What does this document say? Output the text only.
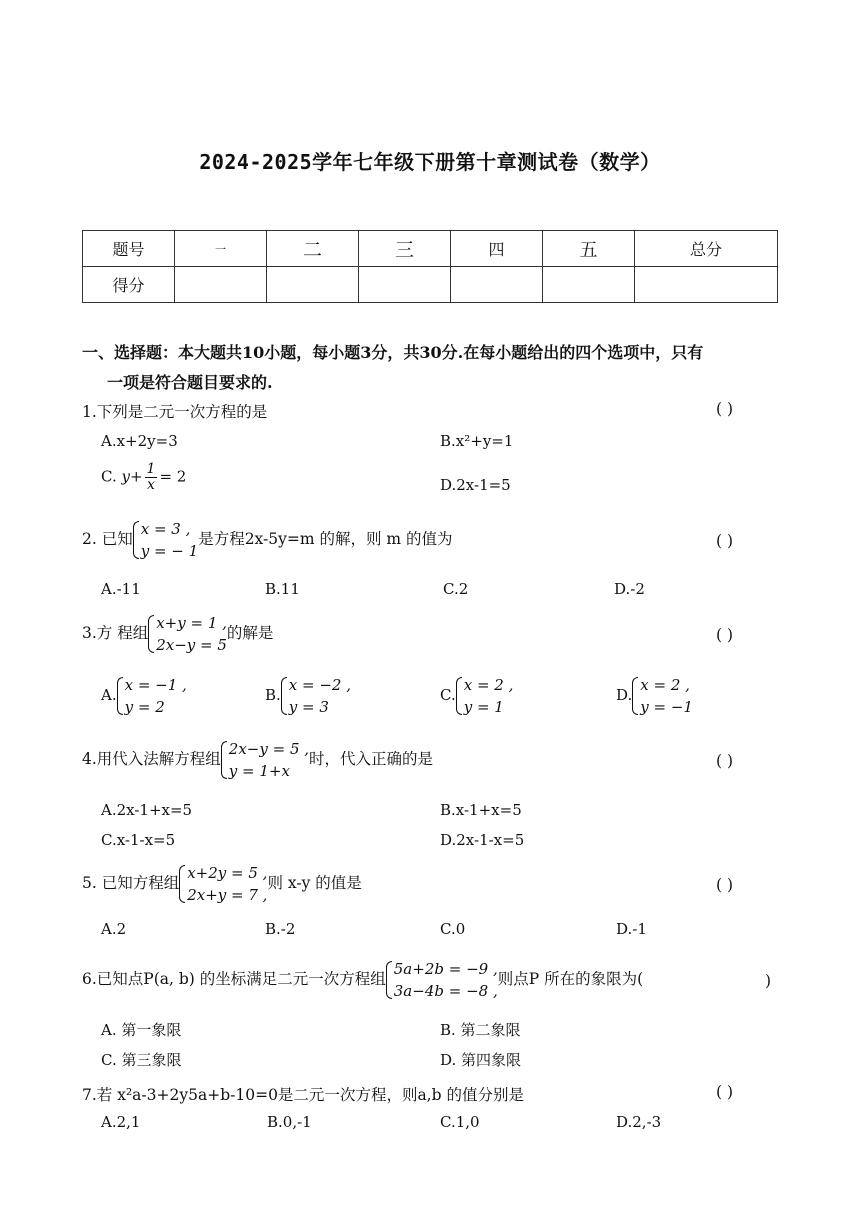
2024-2025学年七年级下册第十章测试卷（数学）
题号	一	二	三	四	五	总分
得分						
一、选择题：本大题共10小题，每小题3分，共30分.在每小题给出的四个选项中，只有
一项是符合题目要求的.
1.下列是二元一次方程的是	( )
A.x+2y=3	B.x²+y=1
C. $y+ \frac{1}{x} = 2$	D.2x-1=5
2. 已知
x = 3 ,
y = − 1
是方程2x-5y=m 的解，则 m 的值为	( )
A.-11	B.11	C.2	D.-2
3.方 程组
x+y = 1 ,
2x−y = 5
的解是	( )
A.
x = −1 ,
y = 2
B.
x = −2 ,
y = 3
C.
x = 2 ,
y = 1
D.
x = 2 ,
y = −1
4.用代入法解方程组
2x−y = 5 ,
y = 1+x
时，代入正确的是	( )
A.2x-1+x=5	B.x-1+x=5
C.x-1-x=5	D.2x-1-x=5
5. 已知方程组
x+2y = 5 ,
2x+y = 7 ,
则 x-y 的值是	( )
A.2	B.-2	C.0	D.-1
6.已知点P(a, b) 的坐标满足二元一次方程组
5a+2b = −9 ,
3a−4b = −8 ,
则点P 所在的象限为(	)
A. 第一象限	B. 第二象限
C. 第三象限	D. 第四象限
7.若 x²a-3+2y5a+b-10=0是二元一次方程，则a,b 的值分别是	( )
A.2,1	B.0,-1	C.1,0	D.2,-3
